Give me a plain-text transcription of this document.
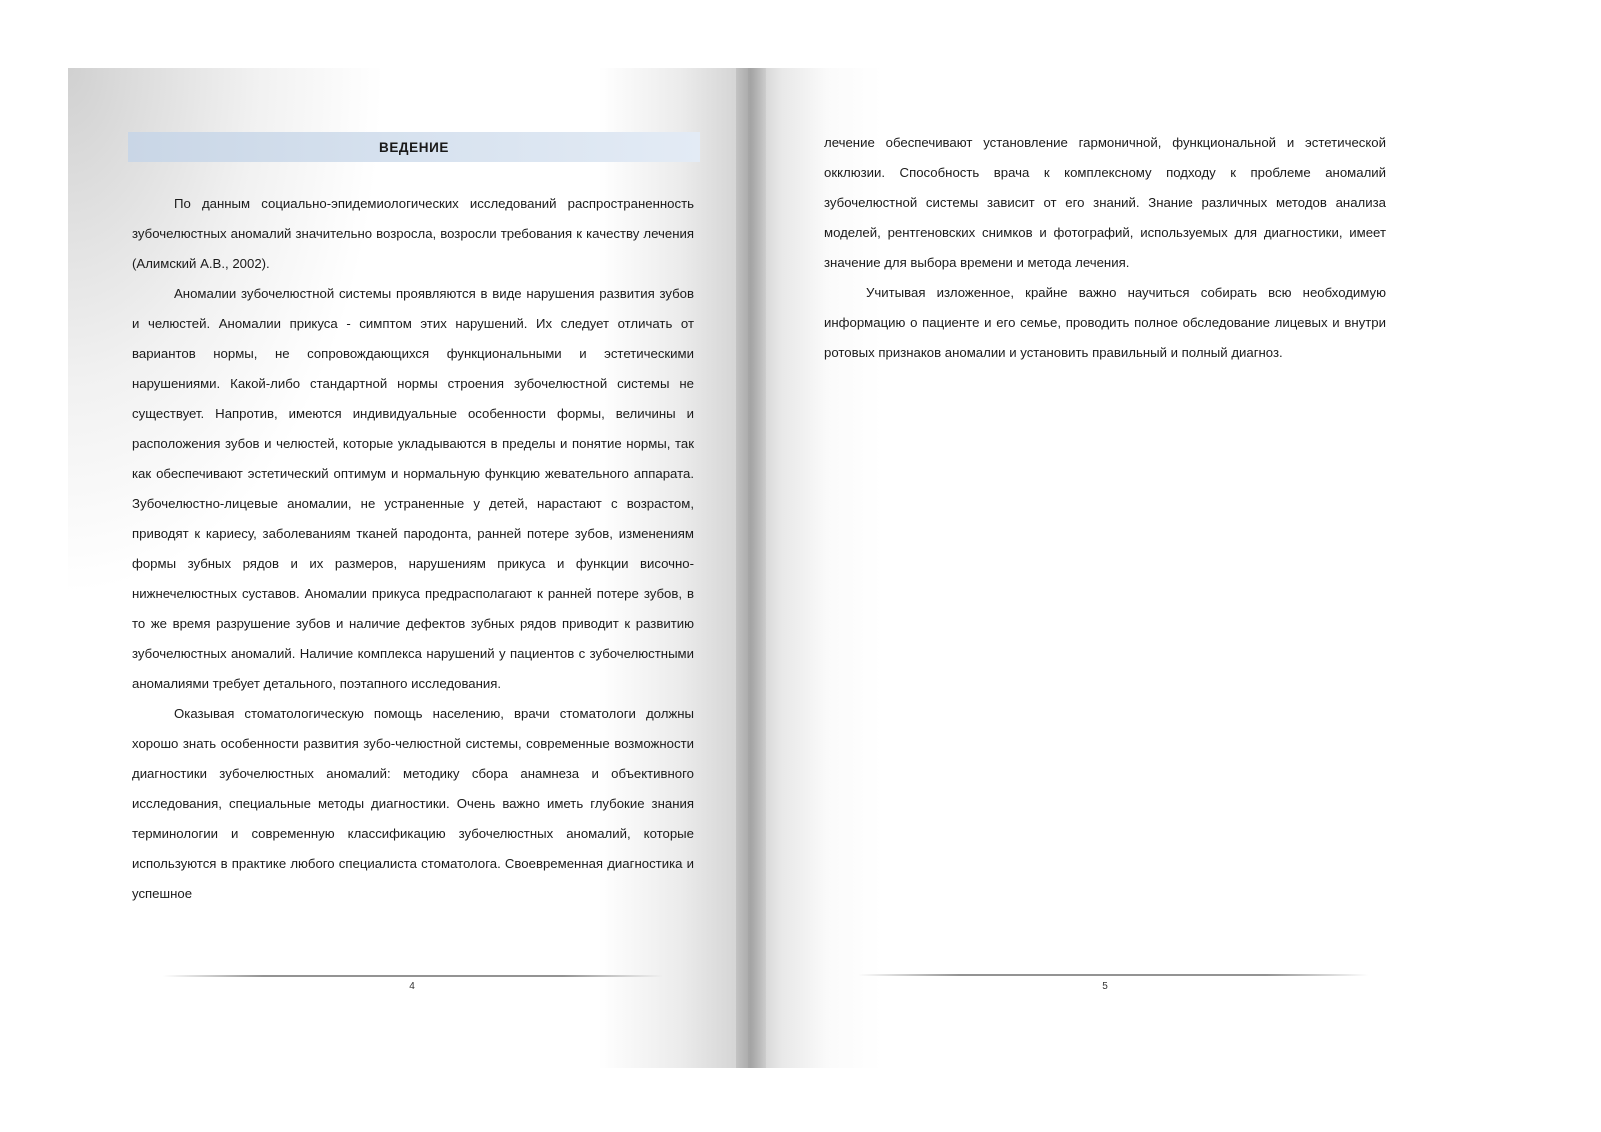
ВЕДЕНИЕ

По данным социально-эпидемиологических исследований распространенность зубочелюстных аномалий значительно возросла, возросли требования к качеству лечения (Алимский А.В., 2002).

Аномалии зубочелюстной системы проявляются в виде нарушения развития зубов и челюстей. Аномалии прикуса - симптом этих нарушений. Их следует отличать от вариантов нормы, не сопровождающихся функциональными и эстетическими нарушениями. Какой-либо стандартной нормы строения зубочелюстной системы не существует. Напротив, имеются индивидуальные особенности формы, величины и расположения зубов и челюстей, которые укладываются в пределы и понятие нормы, так как обеспечивают эстетический оптимум и нормальную функцию жевательного аппарата. Зубочелюстно-лицевые аномалии, не устраненные у детей, нарастают с возрастом, приводят к кариесу, заболеваниям тканей пародонта, ранней потере зубов, изменениям формы зубных рядов и их размеров, нарушениям прикуса и функции височно-нижнечелюстных суставов. Аномалии прикуса предрасполагают к ранней потере зубов, в то же время разрушение зубов и наличие дефектов зубных рядов приводит к развитию зубочелюстных аномалий. Наличие комплекса нарушений у пациентов с зубочелюстными аномалиями требует детального, поэтапного исследования.

Оказывая стоматологическую помощь населению, врачи стоматологи должны хорошо знать особенности развития зубо-челюстной системы, современные возможности диагностики зубочелюстных аномалий: методику сбора анамнеза и объективного исследования, специальные методы диагностики. Очень важно иметь глубокие знания терминологии и современную классификацию зубочелюстных аномалий, которые используются в практике любого специалиста стоматолога. Своевременная диагностика и успешное

4

лечение обеспечивают установление гармоничной, функциональной и эстетической окклюзии. Способность врача к комплексному подходу к проблеме аномалий зубочелюстной системы зависит от его знаний. Знание различных методов анализа моделей, рентгеновских снимков и фотографий, используемых для диагностики, имеет значение для выбора времени и метода лечения.

Учитывая изложенное, крайне важно научиться собирать всю необходимую информацию о пациенте и его семье, проводить полное обследование лицевых и внутри ротовых признаков аномалии и установить правильный и полный диагноз.

5
